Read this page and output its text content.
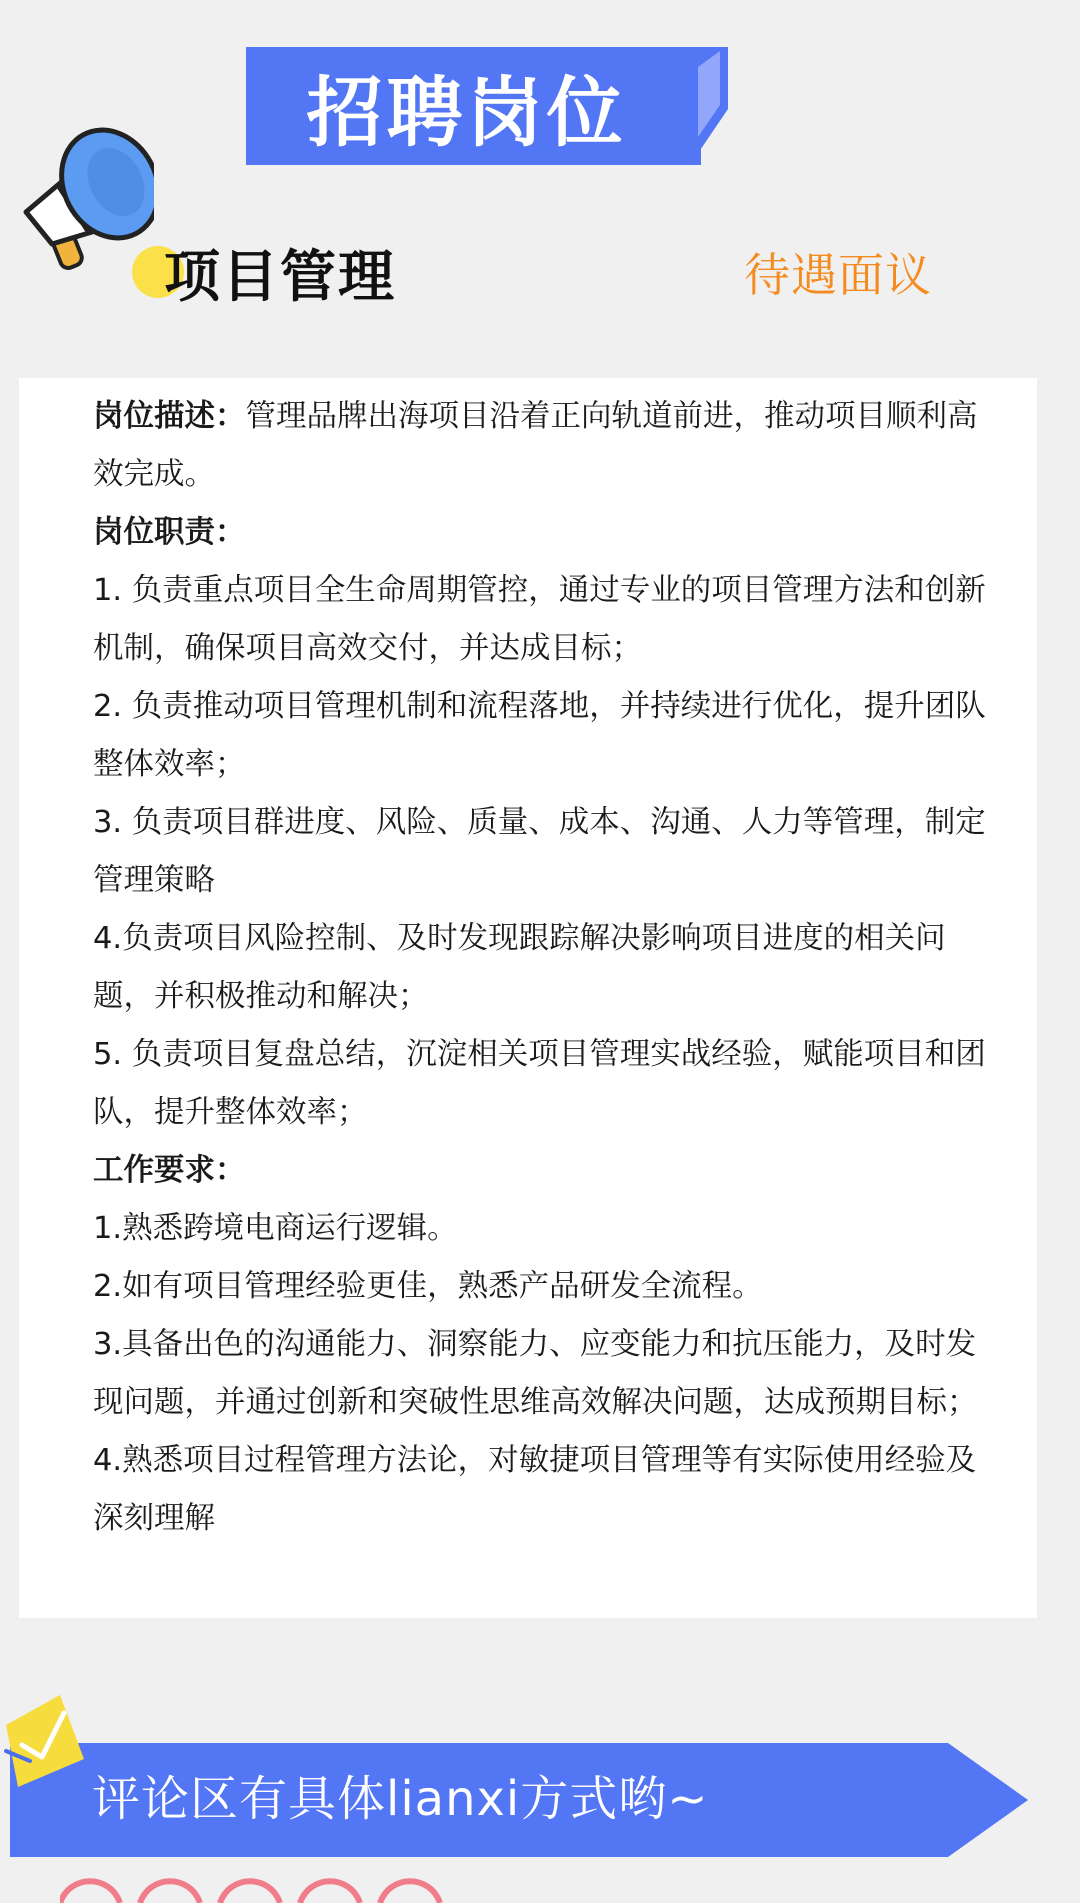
招聘岗位
项目管理	待遇面议

岗位描述：管理品牌出海项目沿着正向轨道前进，推动项目顺利高效完成。

岗位职责：

1. 负责重点项目全生命周期管控，通过专业的项目管理方法和创新机制，确保项目高效交付，并达成目标；

2. 负责推动项目管理机制和流程落地，并持续进行优化，提升团队整体效率；

3. 负责项目群进度、风险、质量、成本、沟通、人力等管理，制定管理策略

4.负责项目风险控制、及时发现跟踪解决影响项目进度的相关问题，并积极推动和解决；

5. 负责项目复盘总结，沉淀相关项目管理实战经验，赋能项目和团队，提升整体效率；

工作要求：

1.熟悉跨境电商运行逻辑。

2.如有项目管理经验更佳，熟悉产品研发全流程。

3.具备出色的沟通能力、洞察能力、应变能力和抗压能力，及时发现问题，并通过创新和突破性思维高效解决问题，达成预期目标；

4.熟悉项目过程管理方法论，对敏捷项目管理等有实际使用经验及深刻理解

评论区有具体lianxi方式哟~
